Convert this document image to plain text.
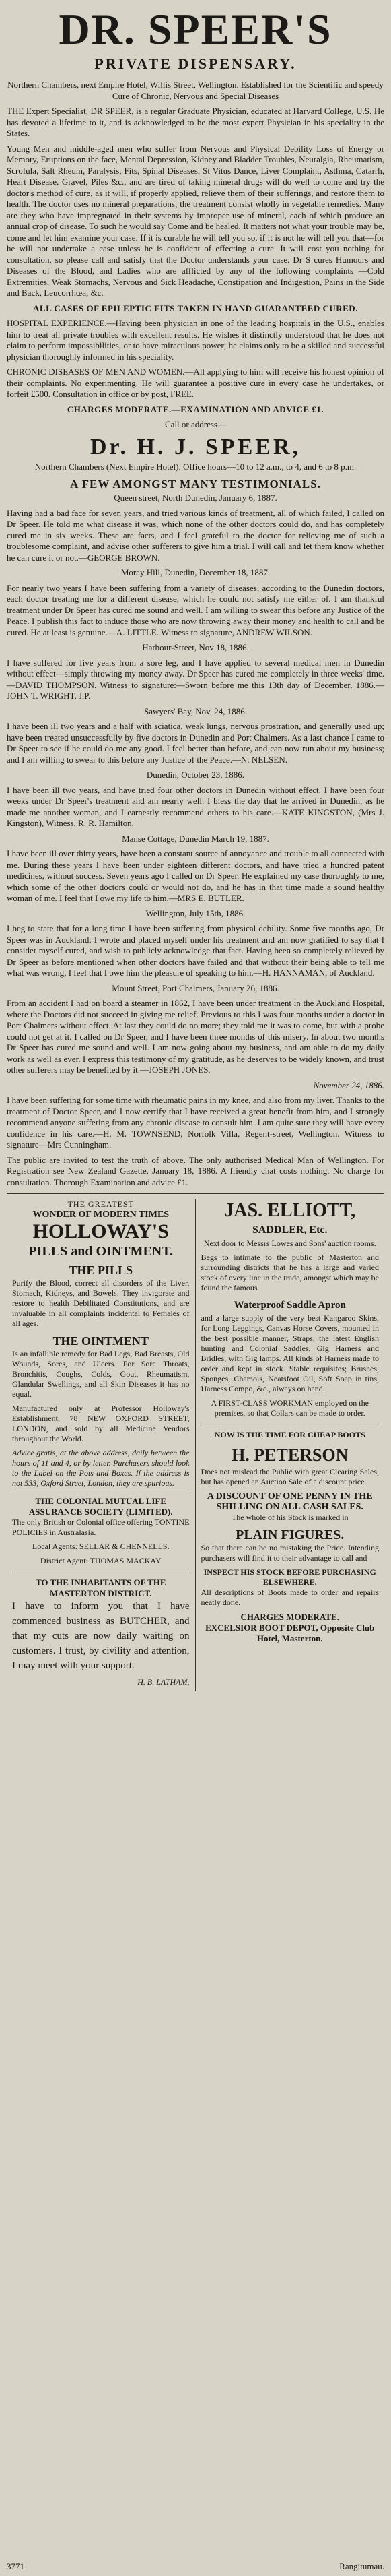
DR. SPEER'S
PRIVATE DISPENSARY.

Northern Chambers, next Empire Hotel, Willis Street, Wellington. Established for the Scientific and speedy Cure of Chronic, Nervous and Special Diseases

THE Expert Specialist, DR SPEER, is a regular Graduate Physician, educated at Harvard College, U.S. He has devoted a lifetime to it, and is acknowledged to be the most expert Physician in his speciality in the States.

Young Men and middle-aged men who suffer from Nervous and Physical Debility Loss of Energy or Memory, Eruptions on the face, Mental Depression, Kidney and Bladder Troubles, Neuralgia, Rheumatism, Scrofula, Salt Rheum, Paralysis, Fits, Spinal Diseases, St Vitus Dance, Liver Complaint, Asthma, Catarrh, Heart Disease, Gravel, Piles &c., and are tired of taking mineral drugs will do well to come and try the doctor's method of cure, as it will, if properly applied, relieve them of their sufferings, and restore them to health. The doctor uses no mineral preparations; the treatment consist wholly in vegetable remedies. Many are they who have impregnated in their systems by improper use of mineral, each of which produce an annual crop of disease. To such he would say Come and be healed. It matters not what your trouble may be, come and let him examine your case. If it is curable he will tell you so, if it is not he will tell you that—for he will not undertake a case unless he is confident of effecting a cure. It will cost you nothing for consultation, so please call and satisfy that the Doctor understands your case. Dr S cures Humours and Diseases of the Blood, and Ladies who are afflicted by any of the following complaints —Cold Extremities, Weak Stomachs, Nervous and Sick Headache, Constipation and Indigestion, Pains in the Side and Back, Leucorrhœa, &c.

ALL CASES OF EPILEPTIC FITS TAKEN IN HAND GUARANTEED CURED.

HOSPITAL EXPERIENCE.—Having been physician in one of the leading hospitals in the U.S., enables him to treat all private troubles with excellent results. He wishes it distinctly understood that he does not claim to perform impossibilities, or to have miraculous power; he claims only to be a skilled and successful physician thoroughly informed in his speciality.

CHRONIC DISEASES OF MEN AND WOMEN.—All applying to him will receive his honest opinion of their complaints. No experimenting. He will guarantee a positive cure in every case he undertakes, or forfeit £500. Consultation in office or by post, FREE.

CHARGES MODERATE.—EXAMINATION AND ADVICE £1.

Call or address—

Dr. H. J. SPEER,

Northern Chambers (Next Empire Hotel). Office hours—10 to 12 a.m., to 4, and 6 to 8 p.m.

A FEW AMONGST MANY TESTIMONIALS.

Queen street, North Dunedin, January 6, 1887.

Having had a bad face for seven years, and tried various kinds of treatment, all of which failed, I called on Dr Speer. He told me what disease it was, which none of the other doctors could do, and has completely cured me in six weeks. These are facts, and I feel grateful to the doctor for relieving me of such a troublesome complaint, and advise other sufferers to give him a trial. I will call and let them know whether he can cure it or not.—GEORGE BROWN.

Moray Hill, Dunedin, December 18, 1887.

For nearly two years I have been suffering from a variety of diseases, according to the Dunedin doctors, each doctor treating me for a different disease, which he could not satisfy me either of. I am thankful treatment under Dr Speer has cured me sound and well. I am willing to swear this before any Justice of the Peace. I publish this fact to induce those who are now throwing away their money and health to call and be cured. He at least is genuine.—A. LITTLE. Witness to signature, ANDREW WILSON.

Harbour-Street, Nov 18, 1886.

I have suffered for five years from a sore leg, and I have applied to several medical men in Dunedin without effect—simply throwing my money away. Dr Speer has cured me completely in three weeks' time.—DAVID THOMPSON. Witness to signature:—Sworn before me this 13th day of December, 1886.—JOHN T. WRIGHT, J.P.

Sawyers' Bay, Nov. 24, 1886.

I have been ill two years and a half with sciatica, weak lungs, nervous prostration, and generally used up; have been treated unsuccessfully by five doctors in Dunedin and Port Chalmers. As a last chance I came to Dr Speer to see if he could do me any good. I feel better than before, and can now run about my business; and I am willing to swear to this before any Justice of the Peace.—N. NELSEN.

Dunedin, October 23, 1886.

I have been ill two years, and have tried four other doctors in Dunedin without effect. I have been four weeks under Dr Speer's treatment and am nearly well. I bless the day that he arrived in Dunedin, as he made me another woman, and I earnestly recommend others to his care.—KATE KINGSTON, (Mrs J. Kingston), Witness, R. R. Hamilton.

Manse Cottage, Dunedin March 19, 1887.

I have been ill over thirty years, have been a constant source of annoyance and trouble to all connected with me. During these years I have been under eighteen different doctors, and have tried a hundred patent medicines, without success. Seven years ago I called on Dr Speer. He explained my case thoroughly to me, which some of the other doctors could or would not do, and he has in that time made a sound healthy woman of me. I feel that I owe my life to him.—MRS E. BUTLER.

Wellington, July 15th, 1886.

I beg to state that for a long time I have been suffering from physical debility. Some five months ago, Dr Speer was in Auckland, I wrote and placed myself under his treatment and am now gratified to say that I consider myself cured, and wish to publicly acknowledge that fact. Having been so completely relieved by Dr Speer as before mentioned when other doctors have failed and that without their being able to tell me what was wrong, I feel that I owe him the pleasure of speaking to him.—H. HANNAMAN, of Auckland.

Mount Street, Port Chalmers, January 26, 1886.

From an accident I had on board a steamer in 1862, I have been under treatment in the Auckland Hospital, where the Doctors did not succeed in giving me relief. Previous to this I was four months under a doctor in Port Chalmers without effect. At last they could do no more; they told me it was to come, but with a probe could not get at it. I called on Dr Speer, and I have been three months of this misery. In about two months Dr Speer has cured me sound and well. I am now going about my business, and am able to do my daily work as well as ever. I express this testimony of my gratitude, as he deserves to be widely known, and trust other sufferers may be benefited by it.—JOSEPH JONES.

November 24, 1886.

I have been suffering for some time with rheumatic pains in my knee, and also from my liver. Thanks to the treatment of Doctor Speer, and I now certify that I have received a great benefit from him, and I strongly recommend anyone suffering from any chronic disease to consult him. I am quite sure they will have every confidence in his care.—H. M. TOWNSEND, Norfolk Villa, Regent-street, Wellington. Witness to signature—Mrs Cunningham.

The public are invited to test the truth of above. The only authorised Medical Man of Wellington. For Registration see New Zealand Gazette, January 18, 1886. A friendly chat costs nothing. No charge for consultation. Thorough Examination and advice £1.

THE GREATEST
WONDER OF MODERN TIMES
HOLLOWAY'S
PILLS and OINTMENT.
THE PILLS

Purify the Blood, correct all disorders of the Liver, Stomach, Kidneys, and Bowels. They invigorate and restore to health Debilitated Constitutions, and are invaluable in all complaints incidental to Females of all ages.

THE OINTMENT

Is an infallible remedy for Bad Legs, Bad Breasts, Old Wounds, Sores, and Ulcers. For Sore Throats, Bronchitis, Coughs, Colds, Gout, Rheumatism, Glandular Swellings, and all Skin Diseases it has no equal.

Manufactured only at Professor Holloway's Establishment, 78 NEW OXFORD STREET, LONDON, and sold by all Medicine Vendors throughout the World.

Advice gratis, at the above address, daily between the hours of 11 and 4, or by letter. Purchasers should look to the Label on the Pots and Boxes. If the address is not 533, Oxford Street, London, they are spurious.

THE COLONIAL MUTUAL LIFE ASSURANCE SOCIETY (LIMITED).

The only British or Colonial office offering TONTINE POLICIES in Australasia.

Local Agents: SELLAR & CHENNELLS.

District Agent: THOMAS MACKAY

TO THE INHABITANTS OF THE MASTERTON DISTRICT.

I have to inform you that I have commenced business as BUTCHER, and that my cuts are now daily waiting on customers. I trust, by civility and attention, I may meet with your support.

H. B. LATHAM,

JAS. ELLIOTT,
SADDLER, Etc.

Next door to Messrs Lowes and Sons' auction rooms.

Begs to intimate to the public of Masterton and surrounding districts that he has a large and varied stock of every line in the trade, amongst which may be found the famous

Waterproof Saddle Apron

and a large supply of the very best Kangaroo Skins, for Long Leggings, Canvas Horse Covers, mounted in the best possible manner, Straps, the latest English hunting and Colonial Saddles, Gig Harness and Bridles, with Gig lamps. All kinds of Harness made to order and kept in stock. Stable requisites; Brushes, Sponges, Chamois, Neatsfoot Oil, Soft Soap in tins, Harness Compo, &c., always on hand.

A FIRST-CLASS WORKMAN employed on the premises, so that Collars can be made to order.

NOW IS THE TIME FOR CHEAP BOOTS
H. PETERSON

Does not mislead the Public with great Clearing Sales, but has opened an Auction Sale of a discount price.

A DISCOUNT OF ONE PENNY IN THE SHILLING ON ALL CASH SALES.

The whole of his Stock is marked in

PLAIN FIGURES.

So that there can be no mistaking the Price. Intending purchasers will find it to their advantage to call and

INSPECT HIS STOCK BEFORE PURCHASING ELSEWHERE.

All descriptions of Boots made to order and repairs neatly done.

CHARGES MODERATE.
EXCELSIOR BOOT DEPOT, Opposite Club Hotel, Masterton.
3771	Rangitumau.
